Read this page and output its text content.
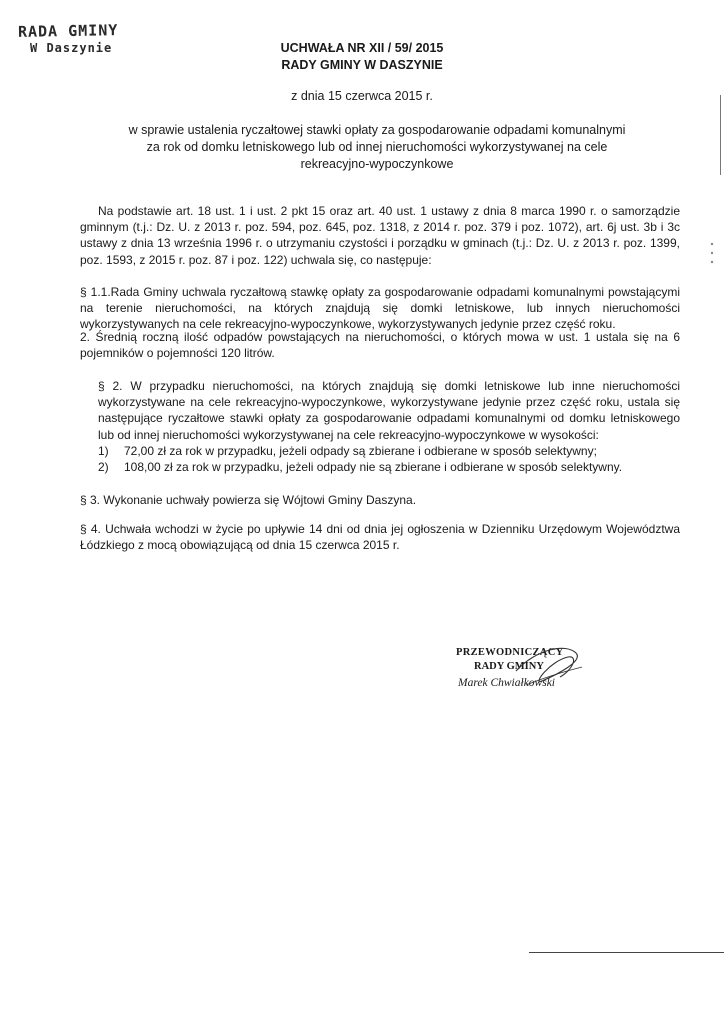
RADA GMINY
W Daszynie	UCHWAŁA NR XII / 59/ 2015
RADY GMINY W DASZYNIE
z dnia 15 czerwca 2015 r.
w sprawie ustalenia ryczałtowej stawki opłaty za gospodarowanie odpadami komunalnymi
za rok od domku letniskowego lub od innej nieruchomości wykorzystywanej na cele
rekreacyjno-wypoczynkowe
Na podstawie art. 18 ust. 1 i ust. 2 pkt 15 oraz art. 40 ust. 1 ustawy z dnia 8 marca 1990 r. o samorządzie gminnym (t.j.: Dz. U. z 2013 r. poz. 594, poz. 645, poz. 1318, z 2014 r. poz. 379 i poz. 1072), art. 6j ust. 3b i 3c ustawy z dnia 13 września 1996 r. o utrzymaniu czystości i porządku w gminach (t.j.: Dz. U. z 2013 r. poz. 1399, poz. 1593, z 2015 r. poz. 87 i poz. 122) uchwala się, co następuje:
§ 1.1.Rada Gminy uchwala ryczałtową stawkę opłaty za gospodarowanie odpadami komunalnymi powstającymi na terenie nieruchomości, na których znajdują się domki letniskowe, lub innych nieruchomości wykorzystywanych na cele rekreacyjno-wypoczynkowe, wykorzystywanych jedynie przez część roku.
2. Średnią roczną ilość odpadów powstających na nieruchomości, o których mowa w ust. 1 ustala się na 6 pojemników o pojemności 120 litrów.
§ 2. W przypadku nieruchomości, na których znajdują się domki letniskowe lub inne nieruchomości wykorzystywane na cele rekreacyjno-wypoczynkowe, wykorzystywane jedynie przez część roku, ustala się następujące ryczałtowe stawki opłaty za gospodarowanie odpadami komunalnymi od domku letniskowego lub od innej nieruchomości wykorzystywanej na cele rekreacyjno-wypoczynkowe w wysokości:
1)	72,00 zł za rok w przypadku, jeżeli odpady są zbierane i odbierane w sposób selektywny;
2)	108,00 zł za rok w przypadku, jeżeli odpady nie są zbierane i odbierane w sposób selektywny.
§ 3. Wykonanie uchwały powierza się Wójtowi Gminy Daszyna.
§ 4. Uchwała wchodzi w życie po upływie 14 dni od dnia jej ogłoszenia w Dzienniku Urzędowym Województwa Łódzkiego z mocą obowiązującą od dnia 15 czerwca 2015 r.
PRZEWODNICZĄCY
RADY GMINY
Marek Chwiałkowski
